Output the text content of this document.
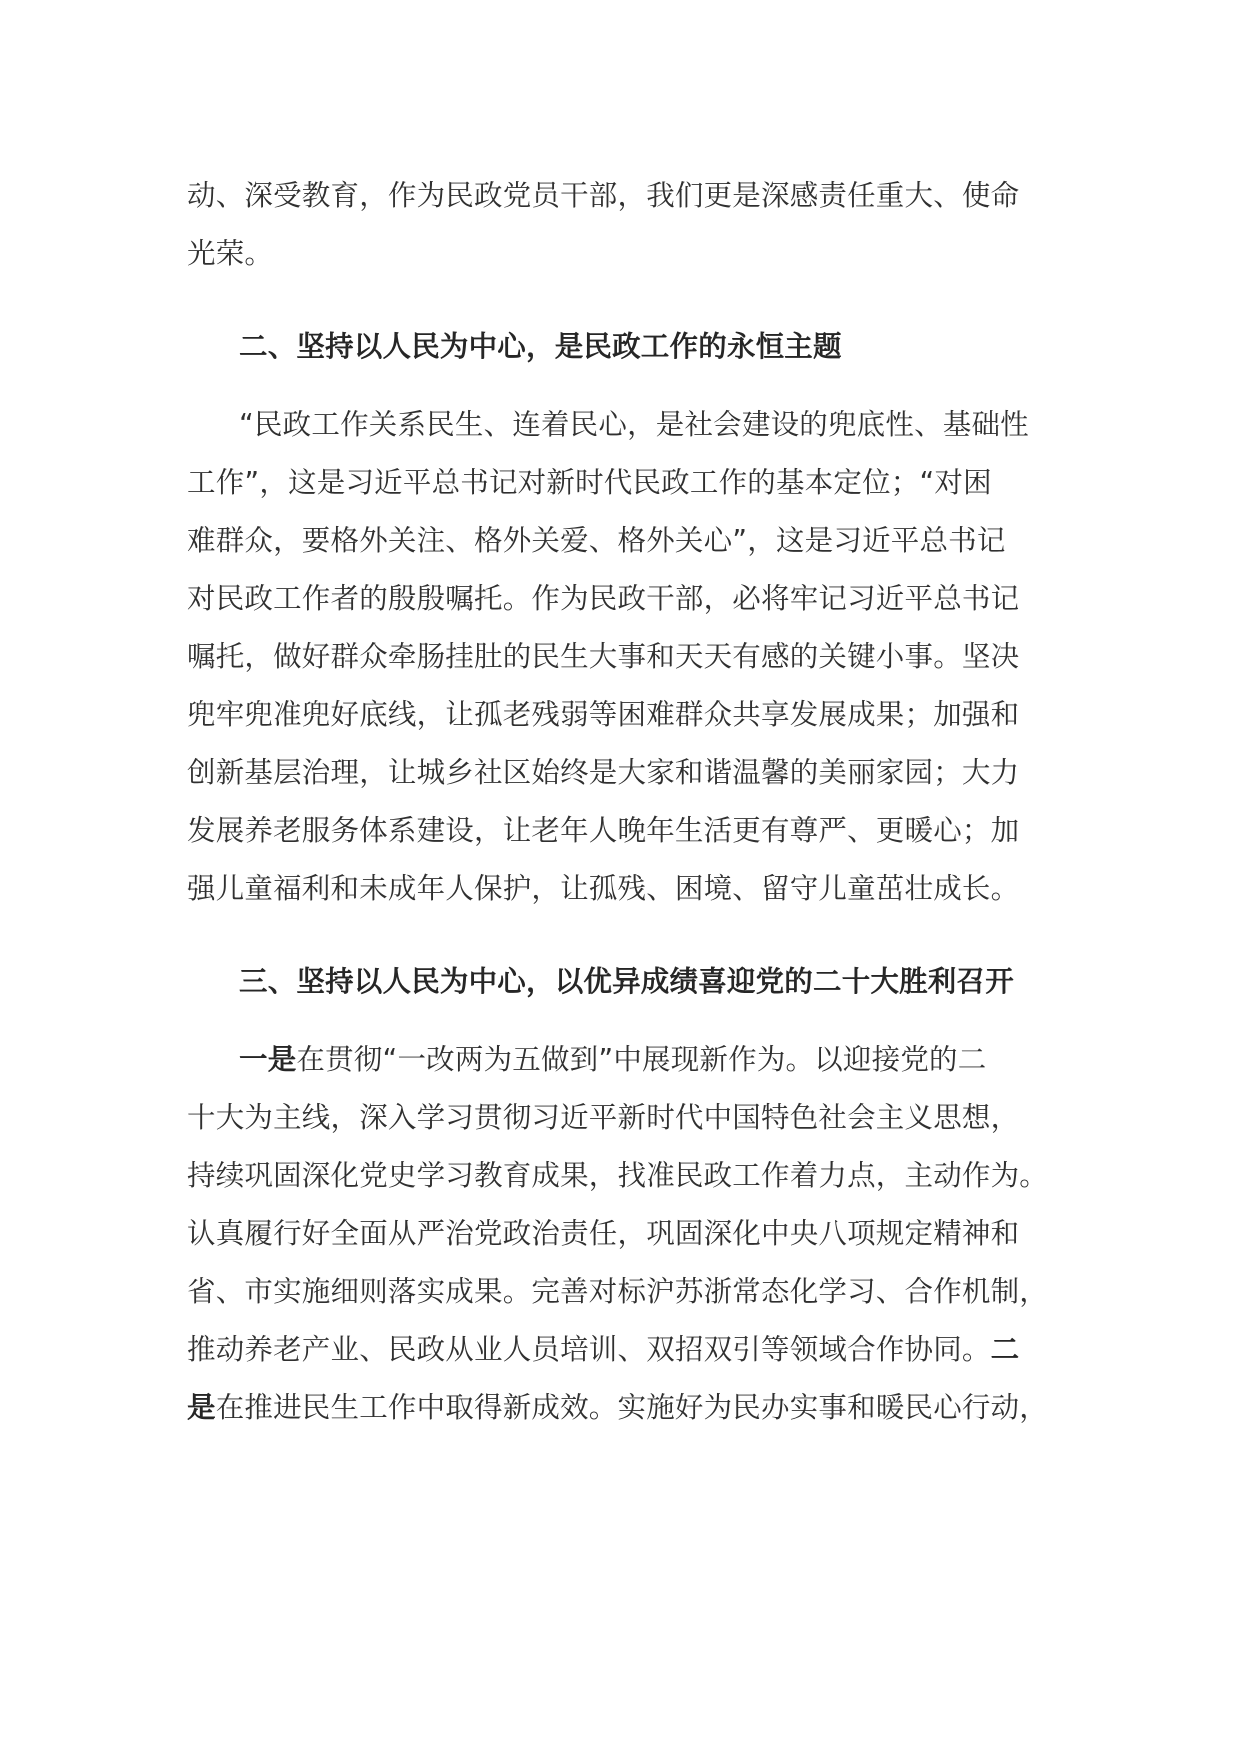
动、深受教育，作为民政党员干部，我们更是深感责任重大、使命
光荣。
二、坚持以人民为中心，是民政工作的永恒主题
“民政工作关系民生、连着民心，是社会建设的兜底性、基础性
工作”，这是习近平总书记对新时代民政工作的基本定位；“对困
难群众，要格外关注、格外关爱、格外关心”，这是习近平总书记
对民政工作者的殷殷嘱托。作为民政干部，必将牢记习近平总书记
嘱托，做好群众牵肠挂肚的民生大事和天天有感的关键小事。坚决
兜牢兜准兜好底线，让孤老残弱等困难群众共享发展成果；加强和
创新基层治理，让城乡社区始终是大家和谐温馨的美丽家园；大力
发展养老服务体系建设，让老年人晚年生活更有尊严、更暖心；加
强儿童福利和未成年人保护，让孤残、困境、留守儿童茁壮成长。
三、坚持以人民为中心，以优异成绩喜迎党的二十大胜利召开
一是在贯彻“一改两为五做到”中展现新作为。以迎接党的二
十大为主线，深入学习贯彻习近平新时代中国特色社会主义思想，
持续巩固深化党史学习教育成果，找准民政工作着力点，主动作为。
认真履行好全面从严治党政治责任，巩固深化中央八项规定精神和
省、市实施细则落实成果。完善对标沪苏浙常态化学习、合作机制，
推动养老产业、民政从业人员培训、双招双引等领域合作协同。二
是在推进民生工作中取得新成效。实施好为民办实事和暖民心行动，
